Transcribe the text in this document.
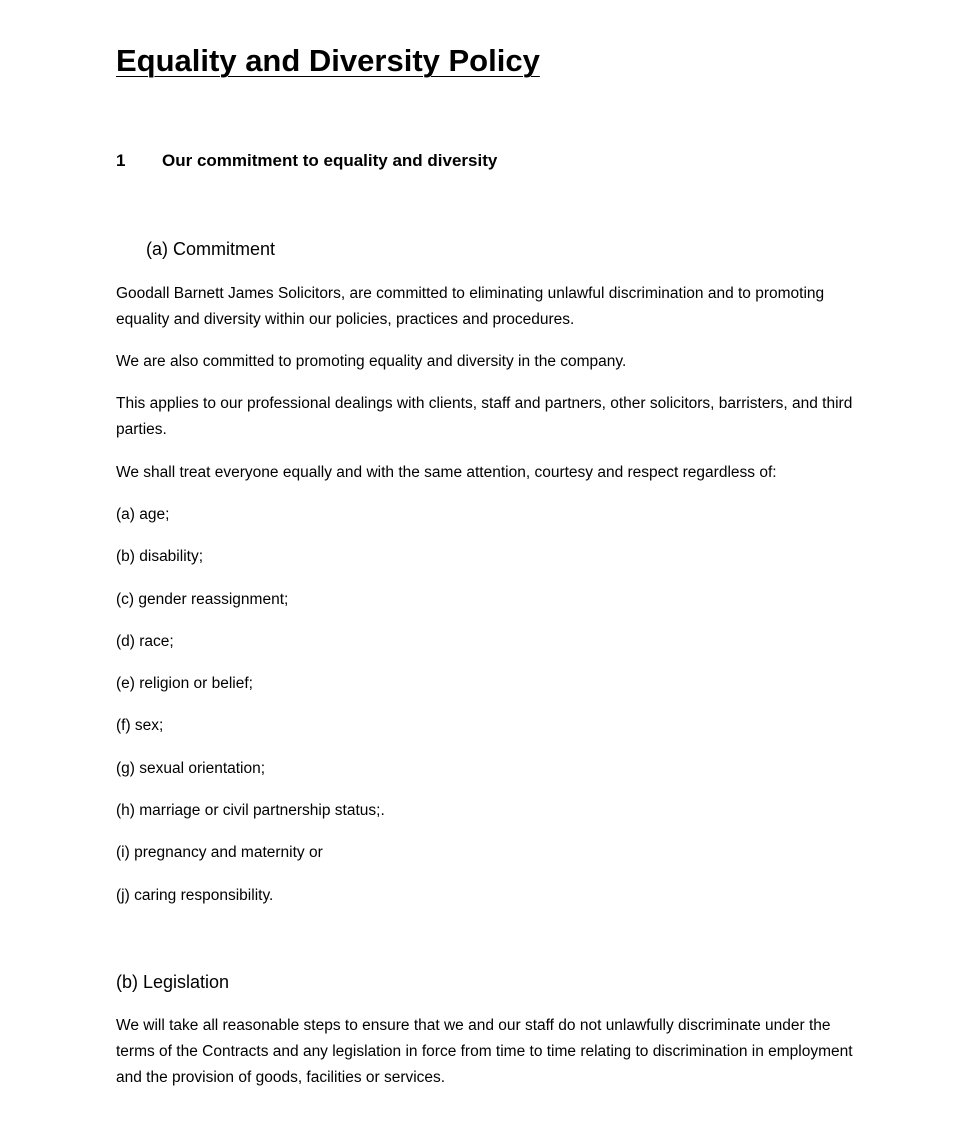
Equality and Diversity Policy
1 Our commitment to equality and diversity
(a) Commitment

Goodall Barnett James Solicitors, are committed to eliminating unlawful discrimination and to promoting equality and diversity within our policies, practices and procedures.

We are also committed to promoting equality and diversity in the company.

This applies to our professional dealings with clients, staff and partners, other solicitors, barristers, and third parties.

We shall treat everyone equally and with the same attention, courtesy and respect regardless of:

(a) age;
(b) disability;
(c) gender reassignment;
(d) race;
(e) religion or belief;
(f) sex;
(g) sexual orientation;
(h) marriage or civil partnership status;.
(i) pregnancy and maternity or
(j) caring responsibility.
(b) Legislation

We will take all reasonable steps to ensure that we and our staff do not unlawfully discriminate under the terms of the Contracts and any legislation in force from time to time relating to discrimination in employment and the provision of goods, facilities or services.
